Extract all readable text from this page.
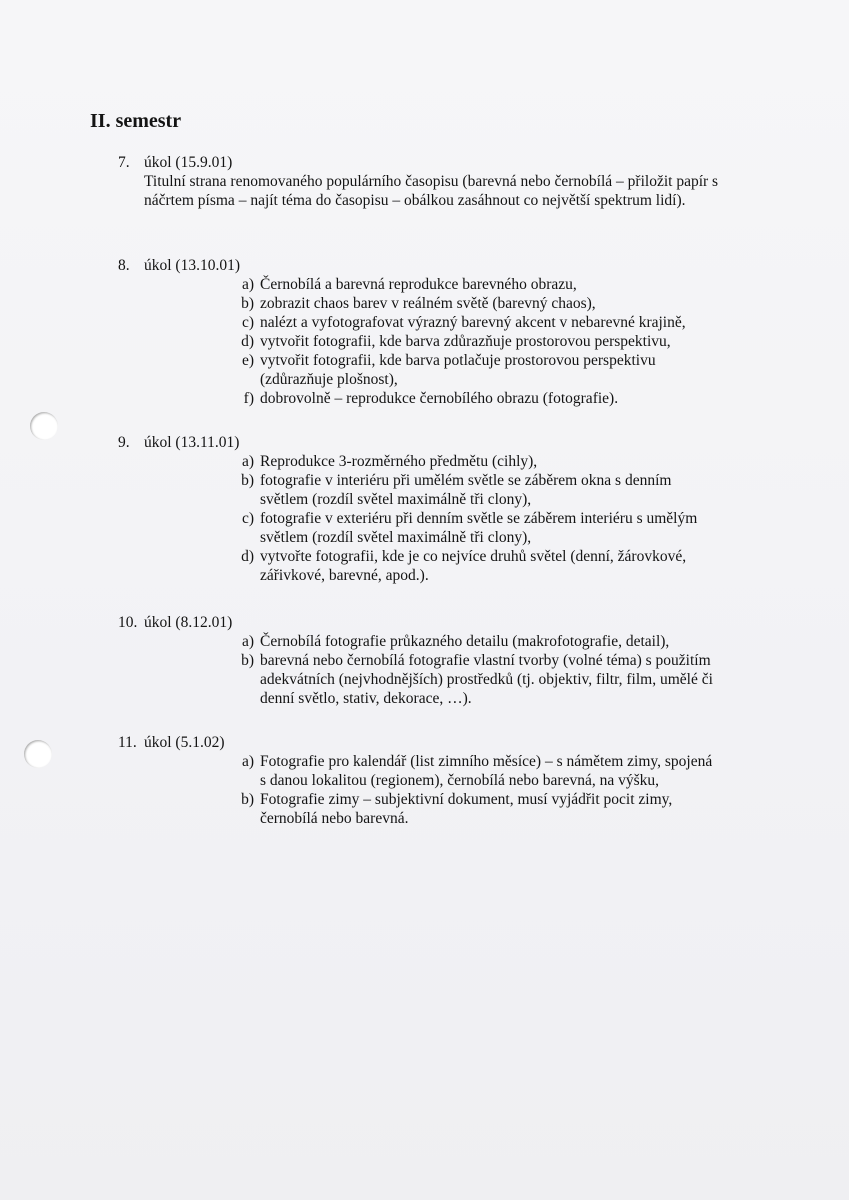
II. semestr
7. úkol (15.9.01)
Titulní strana renomovaného populárního časopisu (barevná nebo černobílá – přiložit papír s náčrtem písma – najít téma do časopisu – obálkou zasáhnout co největší spektrum lidí).
8. úkol (13.10.01)
a) Černobílá a barevná reprodukce barevného obrazu,
b) zobrazit chaos barev v reálném světě (barevný chaos),
c) nalézt a vyfotografovat výrazný barevný akcent v nebarevné krajině,
d) vytvořit fotografii, kde barva zdůrazňuje prostorovou perspektivu,
e) vytvořit fotografii, kde barva potlačuje prostorovou perspektivu (zdůrazňuje plošnost),
f) dobrovolně – reprodukce černobílého obrazu (fotografie).
9. úkol (13.11.01)
a) Reprodukce 3-rozměrného předmětu (cihly),
b) fotografie v interiéru při umělém světle se záběrem okna s denním světlem (rozdíl světel maximálně tři clony),
c) fotografie v exteriéru při denním světle se záběrem interiéru s umělým světlem (rozdíl světel maximálně tři clony),
d) vytvořte fotografii, kde je co nejvíce druhů světel (denní, žárovkové, zářivkové, barevné, apod.).
10. úkol (8.12.01)
a) Černobílá fotografie průkazného detailu (makrofotografie, detail),
b) barevná nebo černobílá fotografie vlastní tvorby (volné téma) s použitím adekvátních (nejvhodnějších) prostředků (tj. objektiv, filtr, film, umělé či denní světlo, stativ, dekorace, …).
11. úkol (5.1.02)
a) Fotografie pro kalendář (list zimního měsíce) – s námětem zimy, spojená s danou lokalitou (regionem), černobílá nebo barevná, na výšku,
b) Fotografie zimy – subjektivní dokument, musí vyjádřit pocit zimy, černobílá nebo barevná.
